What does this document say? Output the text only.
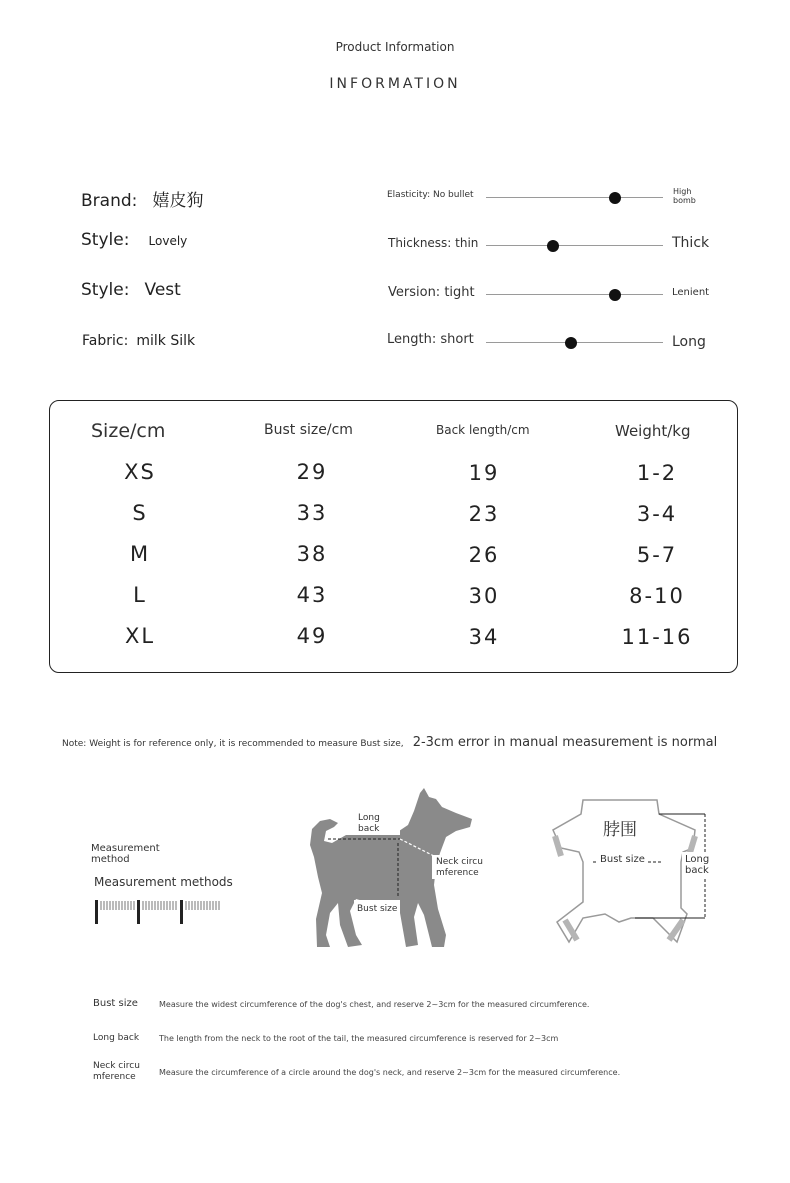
Product Information
INFORMATION
Brand: 嬉皮狗
Style: Lovely
Style: Vest
Fabric: milk Silk
Elasticity: No bullet	High bomb
Thickness: thin	Thick
Version: tight	Lenient
Length: short	Long
Size/cm	Bust size/cm	Back length/cm	Weight/kg
XS	29	19	1-2
S	33	23	3-4
M	38	26	5-7
L	43	30	8-10
XL	49	34	11-16
Note: Weight is for reference only, it is recommended to measure Bust size, 2-3cm error in manual measurement is normal
Measurement method
Measurement methods
Long back
Neck circu mference
Bust size
脖围
Bust size	Long back
Bust size	Measure the widest circumference of the dog's chest, and reserve 2~3cm for the measured circumference.
Long back	The length from the neck to the root of the tail, the measured circumference is reserved for 2~3cm
Neck circu mference	Measure the circumference of a circle around the dog's neck, and reserve 2~3cm for the measured circumference.
